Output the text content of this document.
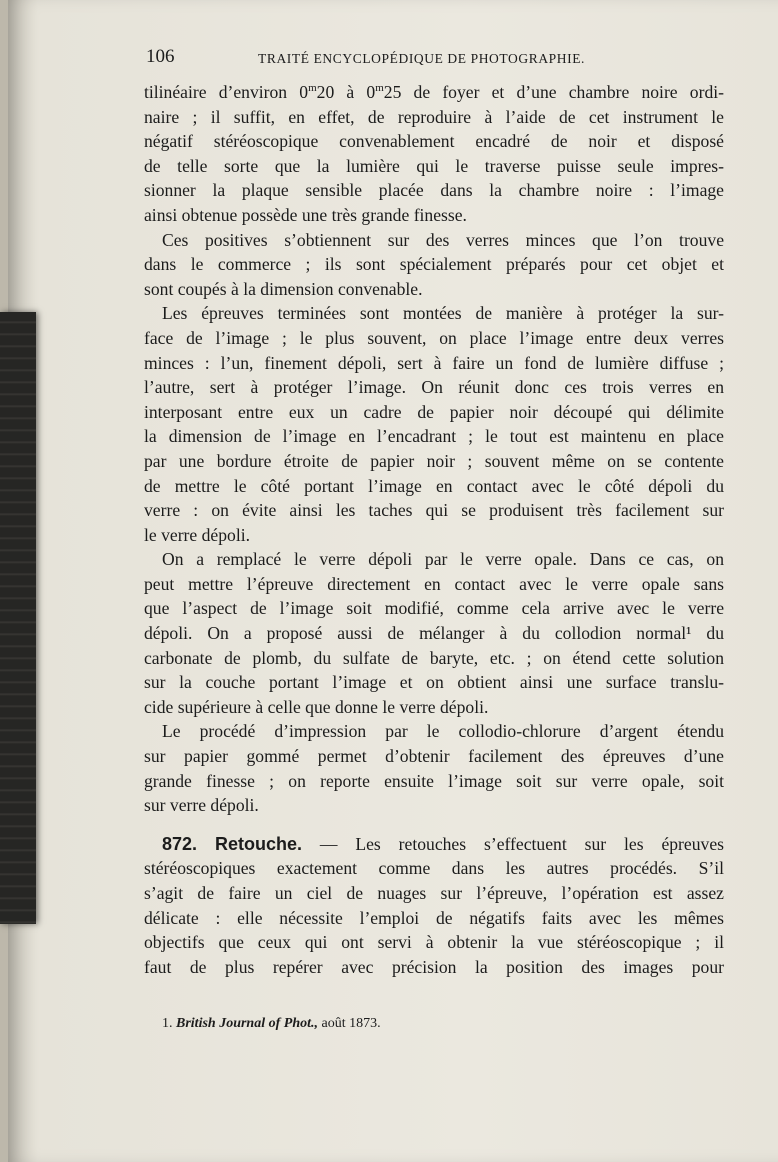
106	TRAITÉ ENCYCLOPÉDIQUE DE PHOTOGRAPHIE.
tilinéaire d’environ 0$^m$20 à 0$^m$25 de foyer et d’une chambre noire ordi-
naire ; il suffit, en effet, de reproduire à l’aide de cet instrument le
négatif stéréoscopique convenablement encadré de noir et disposé
de telle sorte que la lumière qui le traverse puisse seule impres-
sionner la plaque sensible placée dans la chambre noire : l’image
ainsi obtenue possède une très grande finesse.
Ces positives s’obtiennent sur des verres minces que l’on trouve
dans le commerce ; ils sont spécialement préparés pour cet objet et
sont coupés à la dimension convenable.
Les épreuves terminées sont montées de manière à protéger la sur-
face de l’image ; le plus souvent, on place l’image entre deux verres
minces : l’un, finement dépoli, sert à faire un fond de lumière diffuse ;
l’autre, sert à protéger l’image. On réunit donc ces trois verres en
interposant entre eux un cadre de papier noir découpé qui délimite
la dimension de l’image en l’encadrant ; le tout est maintenu en place
par une bordure étroite de papier noir ; souvent même on se contente
de mettre le côté portant l’image en contact avec le côté dépoli du
verre : on évite ainsi les taches qui se produisent très facilement sur
le verre dépoli.
On a remplacé le verre dépoli par le verre opale. Dans ce cas, on
peut mettre l’épreuve directement en contact avec le verre opale sans
que l’aspect de l’image soit modifié, comme cela arrive avec le verre
dépoli. On a proposé aussi de mélanger à du collodion normal¹ du
carbonate de plomb, du sulfate de baryte, etc. ; on étend cette solution
sur la couche portant l’image et on obtient ainsi une surface translu-
cide supérieure à celle que donne le verre dépoli.
Le procédé d’impression par le collodio-chlorure d’argent étendu
sur papier gommé permet d’obtenir facilement des épreuves d’une
grande finesse ; on reporte ensuite l’image soit sur verre opale, soit
sur verre dépoli.
872. Retouche. — Les retouches s’effectuent sur les épreuves
stéréoscopiques exactement comme dans les autres procédés. S’il
s’agit de faire un ciel de nuages sur l’épreuve, l’opération est assez
délicate : elle nécessite l’emploi de négatifs faits avec les mêmes
objectifs que ceux qui ont servi à obtenir la vue stéréoscopique ; il
faut de plus repérer avec précision la position des images pour
1. British Journal of Phot., août 1873.
